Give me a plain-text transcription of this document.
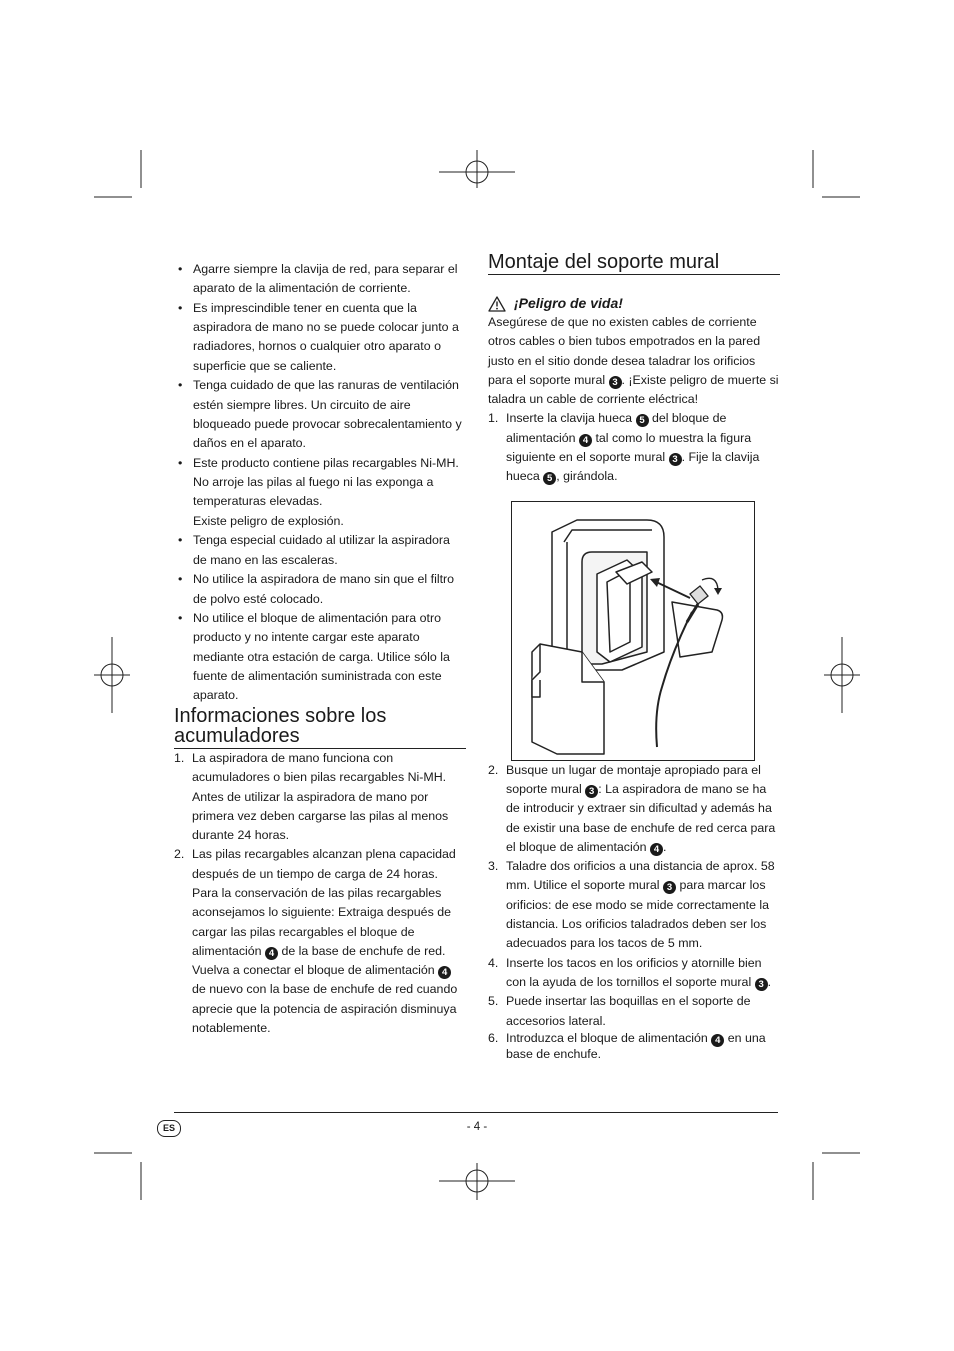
• Agarre siempre la clavija de red, para separar el aparato de la alimentación de corriente.
• Es imprescindible tener en cuenta que la aspiradora de mano no se puede colocar junto a radiadores, hornos o cualquier otro aparato o superficie que se caliente.
• Tenga cuidado de que las ranuras de ventilación estén siempre libres. Un circuito de aire bloqueado puede provocar sobrecalentamiento y daños en el aparato.
• Este producto contiene pilas recargables Ni-MH. No arroje las pilas al fuego ni las exponga a temperaturas elevadas.
Existe peligro de explosión.
• Tenga especial cuidado al utilizar la aspiradora de mano en las escaleras.
• No utilice la aspiradora de mano sin que el filtro de polvo esté colocado.
• No utilice el bloque de alimentación para otro producto y no intente cargar este aparato mediante otra estación de carga. Utilice sólo la fuente de alimentación suministrada con este aparato.
Informaciones sobre los acumuladores
1. La aspiradora de mano funciona con acumuladores o bien pilas recargables Ni-MH.
Antes de utilizar la aspiradora de mano por primera vez deben cargarse las pilas al menos durante 24 horas.
2. Las pilas recargables alcanzan plena capacidad después de un tiempo de carga de 24 horas. Para la conservación de las pilas recargables aconsejamos lo siguiente: Extraiga después de cargar las pilas recargables el bloque de alimentación 4 de la base de enchufe de red. Vuelva a conectar el bloque de alimentación 4 de nuevo con la base de enchufe de red cuando aprecie que la potencia de aspiración disminuya notablemente.
Montaje del soporte mural
¡Peligro de vida!

Asegúrese de que no existen cables de corriente otros cables o bien tubos empotrados en la pared justo en el sitio donde desea taladrar los orificios para el soporte mural 3 . ¡Existe peligro de muerte si taladra un cable de corriente eléctrica!

1. Inserte la clavija hueca 5 del bloque de alimentación 4 tal como lo muestra la figura siguiente en el soporte mural 3 . Fije la clavija hueca 5 , girándola.
2. Busque un lugar de montaje apropiado para el soporte mural 3 : La aspiradora de mano se ha de introducir y extraer sin dificultad y además ha de existir una base de enchufe de red cerca para el bloque de alimentación 4 .
3. Taladre dos orificios a una distancia de aprox. 58 mm. Utilice el soporte mural 3 para marcar los orificios: de ese modo se mide correctamente la distancia. Los orificios taladrados deben ser los adecuados para los tacos de 5 mm.
4. Inserte los tacos en los orificios y atornille bien con la ayuda de los tornillos el soporte mural 3 .
5. Puede insertar las boquillas en el soporte de accesorios lateral.
6. Introduzca el bloque de alimentación 4 en una base de enchufe.
ES	- 4 -
